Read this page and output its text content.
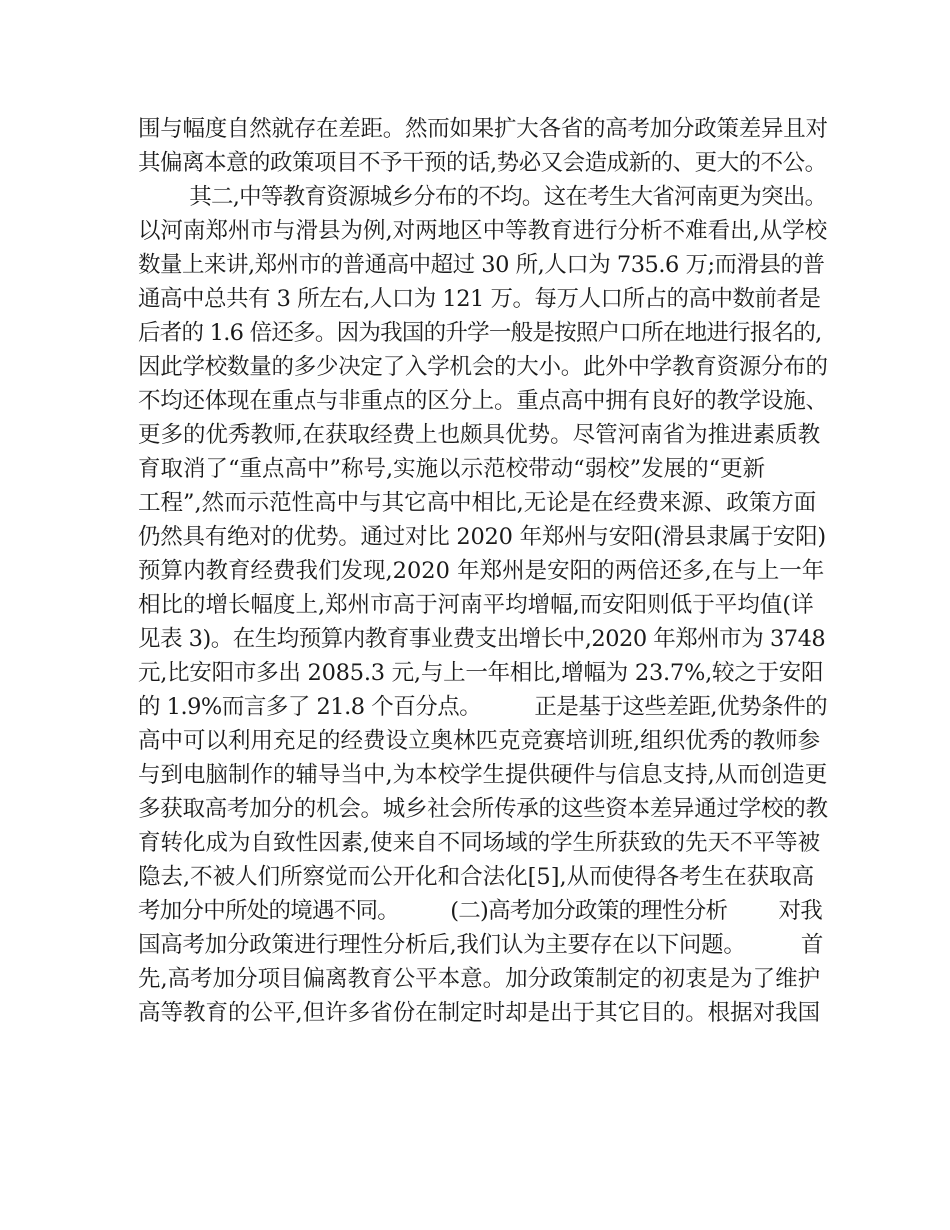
围与幅度自然就存在差距。然而如果扩大各省的高考加分政策差异且对
其偏离本意的政策项目不予干预的话,势必又会造成新的、更大的不公。
其二,中等教育资源城乡分布的不均。这在考生大省河南更为突出。
以河南郑州市与滑县为例,对两地区中等教育进行分析不难看出,从学校
数量上来讲,郑州市的普通高中超过 30 所,人口为 735.6 万;而滑县的普
通高中总共有 3 所左右,人口为 121 万。每万人口所占的高中数前者是
后者的 1.6 倍还多。因为我国的升学一般是按照户口所在地进行报名的,
因此学校数量的多少决定了入学机会的大小。此外中学教育资源分布的
不均还体现在重点与非重点的区分上。重点高中拥有良好的教学设施、
更多的优秀教师,在获取经费上也颇具优势。尽管河南省为推进素质教
育取消了“重点高中”称号,实施以示范校带动“弱校”发展的“更新
工程”,然而示范性高中与其它高中相比,无论是在经费来源、政策方面
仍然具有绝对的优势。通过对比 2020 年郑州与安阳(滑县隶属于安阳)
预算内教育经费我们发现,2020 年郑州是安阳的两倍还多,在与上一年
相比的增长幅度上,郑州市高于河南平均增幅,而安阳则低于平均值(详
见表 3)。在生均预算内教育事业费支出增长中,2020 年郑州市为 3748
元,比安阳市多出 2085.3 元,与上一年相比,增幅为 23.7%,较之于安阳
的 1.9%而言多了 21.8 个百分点。        正是基于这些差距,优势条件的
高中可以利用充足的经费设立奥林匹克竞赛培训班,组织优秀的教师参
与到电脑制作的辅导当中,为本校学生提供硬件与信息支持,从而创造更
多获取高考加分的机会。城乡社会所传承的这些资本差异通过学校的教
育转化成为自致性因素,使来自不同场域的学生所获致的先天不平等被
隐去,不被人们所察觉而公开化和合法化[5],从而使得各考生在获取高
考加分中所处的境遇不同。        (二)高考加分政策的理性分析        对我
国高考加分政策进行理性分析后,我们认为主要存在以下问题。        首
先,高考加分项目偏离教育公平本意。加分政策制定的初衷是为了维护
高等教育的公平,但许多省份在制定时却是出于其它目的。根据对我国
